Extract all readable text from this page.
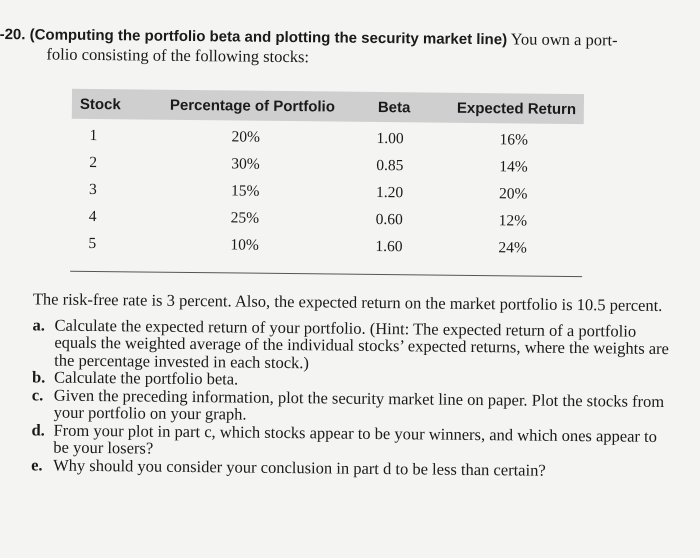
-20. (Computing the portfolio beta and plotting the security market line) You own a port-
folio consisting of the following stocks:
Stock	Percentage of Portfolio	Beta	Expected Return
1	20%	1.00	16%
2	30%	0.85	14%
3	15%	1.20	20%
4	25%	0.60	12%
5	10%	1.60	24%
The risk-free rate is 3 percent. Also, the expected return on the market portfolio is 10.5 percent.
a. Calculate the expected return of your portfolio. (Hint: The expected return of a portfolio equals the weighted average of the individual stocks’ expected returns, where the weights are the percentage invested in each stock.)
b. Calculate the portfolio beta.
c. Given the preceding information, plot the security market line on paper. Plot the stocks from your portfolio on your graph.
d. From your plot in part c, which stocks appear to be your winners, and which ones appear to be your losers?
e. Why should you consider your conclusion in part d to be less than certain?
